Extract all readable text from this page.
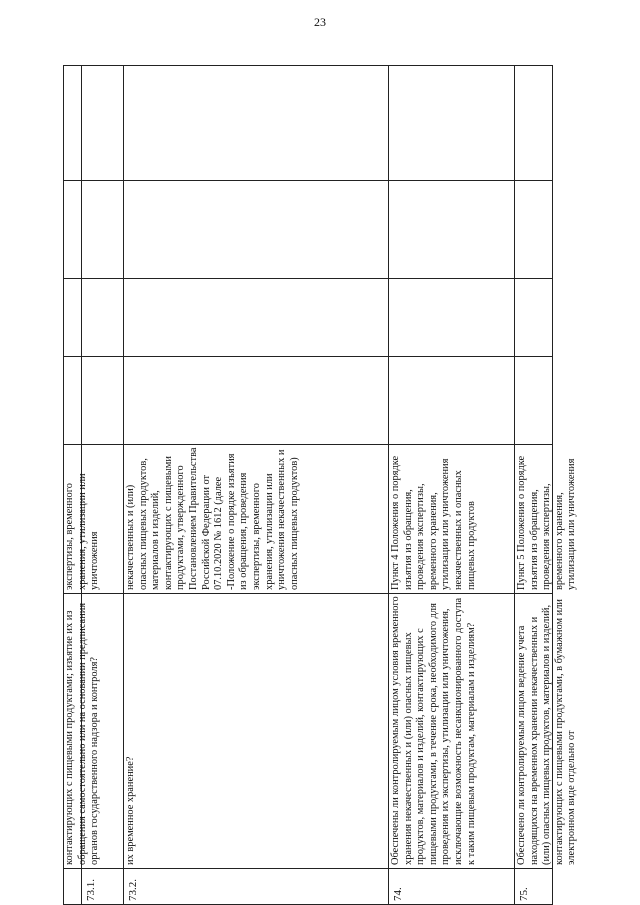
23
73.1.
контактирующих с пищевыми продуктами; изъятие их из обращения самостоятельно или на основании предписания органов государственного надзора и контроля?
экспертизы, временного хранения, утилизации или уничтожения
73.2.
их временное хранение?
некачественных и (или) опасных пищевых продуктов, материалов и изделий, контактирующих с пищевыми продуктами, утвержденного Постановлением Правительства Российской Федерации от 07.10.2020 № 1612 (далее -Положение о порядке изъятия из обращения, проведения экспертизы, временного хранения, утилизации или уничтожения некачественных и опасных пищевых продуктов)
74.
Обеспечены ли контролируемым лицом условия временного хранения некачественных и (или) опасных пищевых продуктов, материалов и изделий, контактирующих с пищевыми продуктами, в течение срока, необходимого для проведения их экспертизы, утилизации или уничтожения, исключающие возможность несанкционированного доступа к таким пищевым продуктам, материалам и изделиям?
Пункт 4 Положения о порядке изъятия из обращения, проведения экспертизы, временного хранения, утилизации или уничтожения некачественных и опасных пищевых продуктов
75.
Обеспечено ли контролируемым лицом ведение учета находящихся на временном хранении некачественных и (или) опасных пищевых продуктов, материалов и изделий, контактирующих с пищевыми продуктами, в бумажном или электронном виде отдельно от
Пункт 5 Положения о порядке изъятия из обращения, проведения экспертизы, временного хранения, утилизации или уничтожения
